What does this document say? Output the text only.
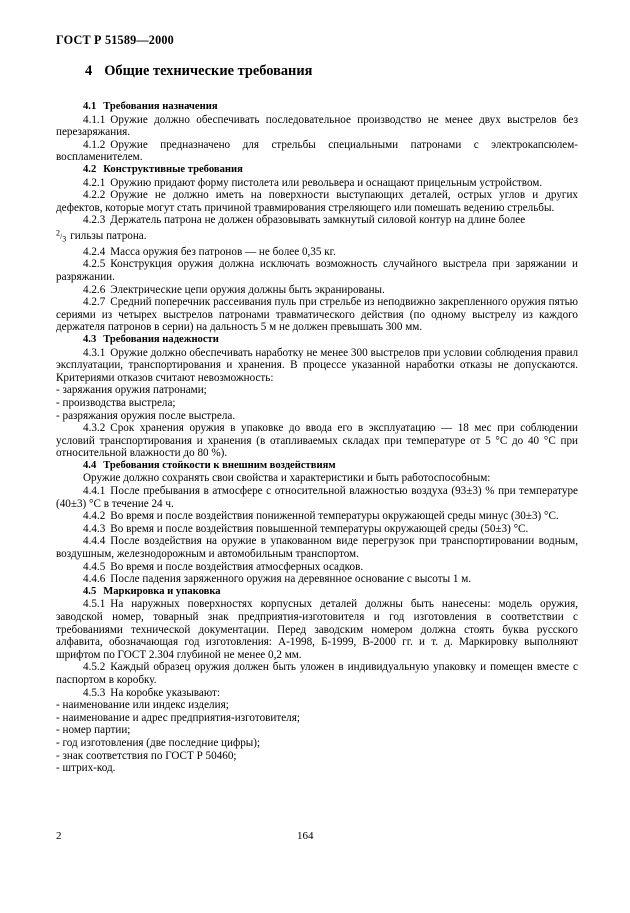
ГОСТ Р 51589—2000
4 Общие технические требования

4.1 Требования назначения

4.1.1 Оружие должно обеспечивать последовательное производство не менее двух выстрелов без перезаряжания.

4.1.2 Оружие предназначено для стрельбы специальными патронами с электрокапсюлем-воспламенителем.

4.2 Конструктивные требования

4.2.1 Оружию придают форму пистолета или револьвера и оснащают прицельным устройством.

4.2.2 Оружие не должно иметь на поверхности выступающих деталей, острых углов и других дефектов, которые могут стать причиной травмирования стреляющего или помешать ведению стрельбы.

4.2.3 Держатель патрона не должен образовывать замкнутый силовой контур на длине более
$^2/_3$ гильзы патрона.

4.2.4 Масса оружия без патронов — не более 0,35 кг.

4.2.5 Конструкция оружия должна исключать возможность случайного выстрела при заряжании и разряжании.

4.2.6 Электрические цепи оружия должны быть экранированы.

4.2.7 Средний поперечник рассеивания пуль при стрельбе из неподвижно закрепленного оружия пятью сериями из четырех выстрелов патронами травматического действия (по одному выстрелу из каждого держателя патронов в серии) на дальность 5 м не должен превышать 300 мм.

4.3 Требования надежности

4.3.1 Оружие должно обеспечивать наработку не менее 300 выстрелов при условии соблюдения правил эксплуатации, транспортирования и хранения. В процессе указанной наработки отказы не допускаются. Критериями отказов считают невозможность:

- заряжания оружия патронами;

- производства выстрела;

- разряжания оружия после выстрела.

4.3.2 Срок хранения оружия в упаковке до ввода его в эксплуатацию — 18 мес при соблюдении условий транспортирования и хранения (в отапливаемых складах при температуре от 5 °С до 40 °С при относительной влажности до 80 %).

4.4 Требования стойкости к внешним воздействиям

Оружие должно сохранять свои свойства и характеристики и быть работоспособным:

4.4.1 После пребывания в атмосфере с относительной влажностью воздуха (93±3) % при температуре (40±3) °С в течение 24 ч.

4.4.2 Во время и после воздействия пониженной температуры окружающей среды минус (30±3) °С.

4.4.3 Во время и после воздействия повышенной температуры окружающей среды (50±3) °С.

4.4.4 После воздействия на оружие в упакованном виде перегрузок при транспортировании водным, воздушным, железнодорожным и автомобильным транспортом.

4.4.5 Во время и после воздействия атмосферных осадков.

4.4.6 После падения заряженного оружия на деревянное основание с высоты 1 м.

4.5 Маркировка и упаковка

4.5.1 На наружных поверхностях корпусных деталей должны быть нанесены: модель оружия, заводской номер, товарный знак предприятия-изготовителя и год изготовления в соответствии с требованиями технической документации. Перед заводским номером должна стоять буква русского алфавита, обозначающая год изготовления: А-1998, Б-1999, В-2000 гг. и т. д. Маркировку выполняют шрифтом по ГОСТ 2.304 глубиной не менее 0,2 мм.

4.5.2 Каждый образец оружия должен быть уложен в индивидуальную упаковку и помещен вместе с паспортом в коробку.

4.5.3 На коробке указывают:

- наименование или индекс изделия;

- наименование и адрес предприятия-изготовителя;

- номер партии;

- год изготовления (две последние цифры);

- знак соответствия по ГОСТ Р 50460;

- штрих-код.

2	164
